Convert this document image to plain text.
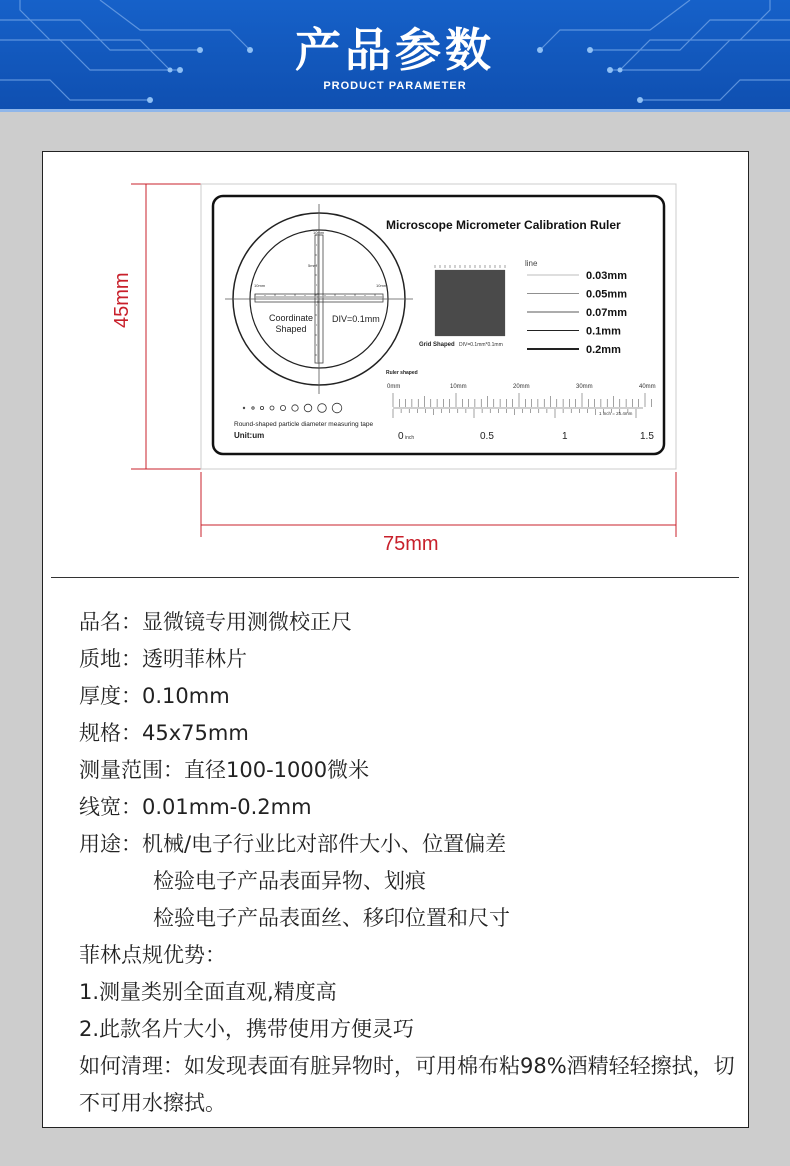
产品参数
PRODUCT PARAMETER
10mm
5mm
10mm	10mm
Coordinate
Shaped
DIV=0.1mm
Microscope Micrometer Calibration Ruler
Grid Shaped DIV=0.1mm*0.1mm
line
0.03mm
0.05mm
0.07mm
0.1mm
0.2mm
Ruler shaped
0mm	10mm	20mm	30mm	40mm
1 inch = 25.4mm
0	0.5	1	1.5
inch
Round-shaped particle diameter measuring tape
Unit:um
45mm
75mm
品名：显微镜专用测微校正尺
质地：透明菲林片
厚度：0.10mm
规格：45x75mm
测量范围：直径100-1000微米
线宽：0.01mm-0.2mm
用途：机械/电子行业比对部件大小、位置偏差
检验电子产品表面异物、划痕
检验电子产品表面丝、移印位置和尺寸
菲林点规优势：
1.测量类别全面直观,精度高
2.此款名片大小，携带使用方便灵巧
如何清理：如发现表面有脏异物时，可用棉布粘98%酒精轻轻擦拭，切不可用水擦拭。
